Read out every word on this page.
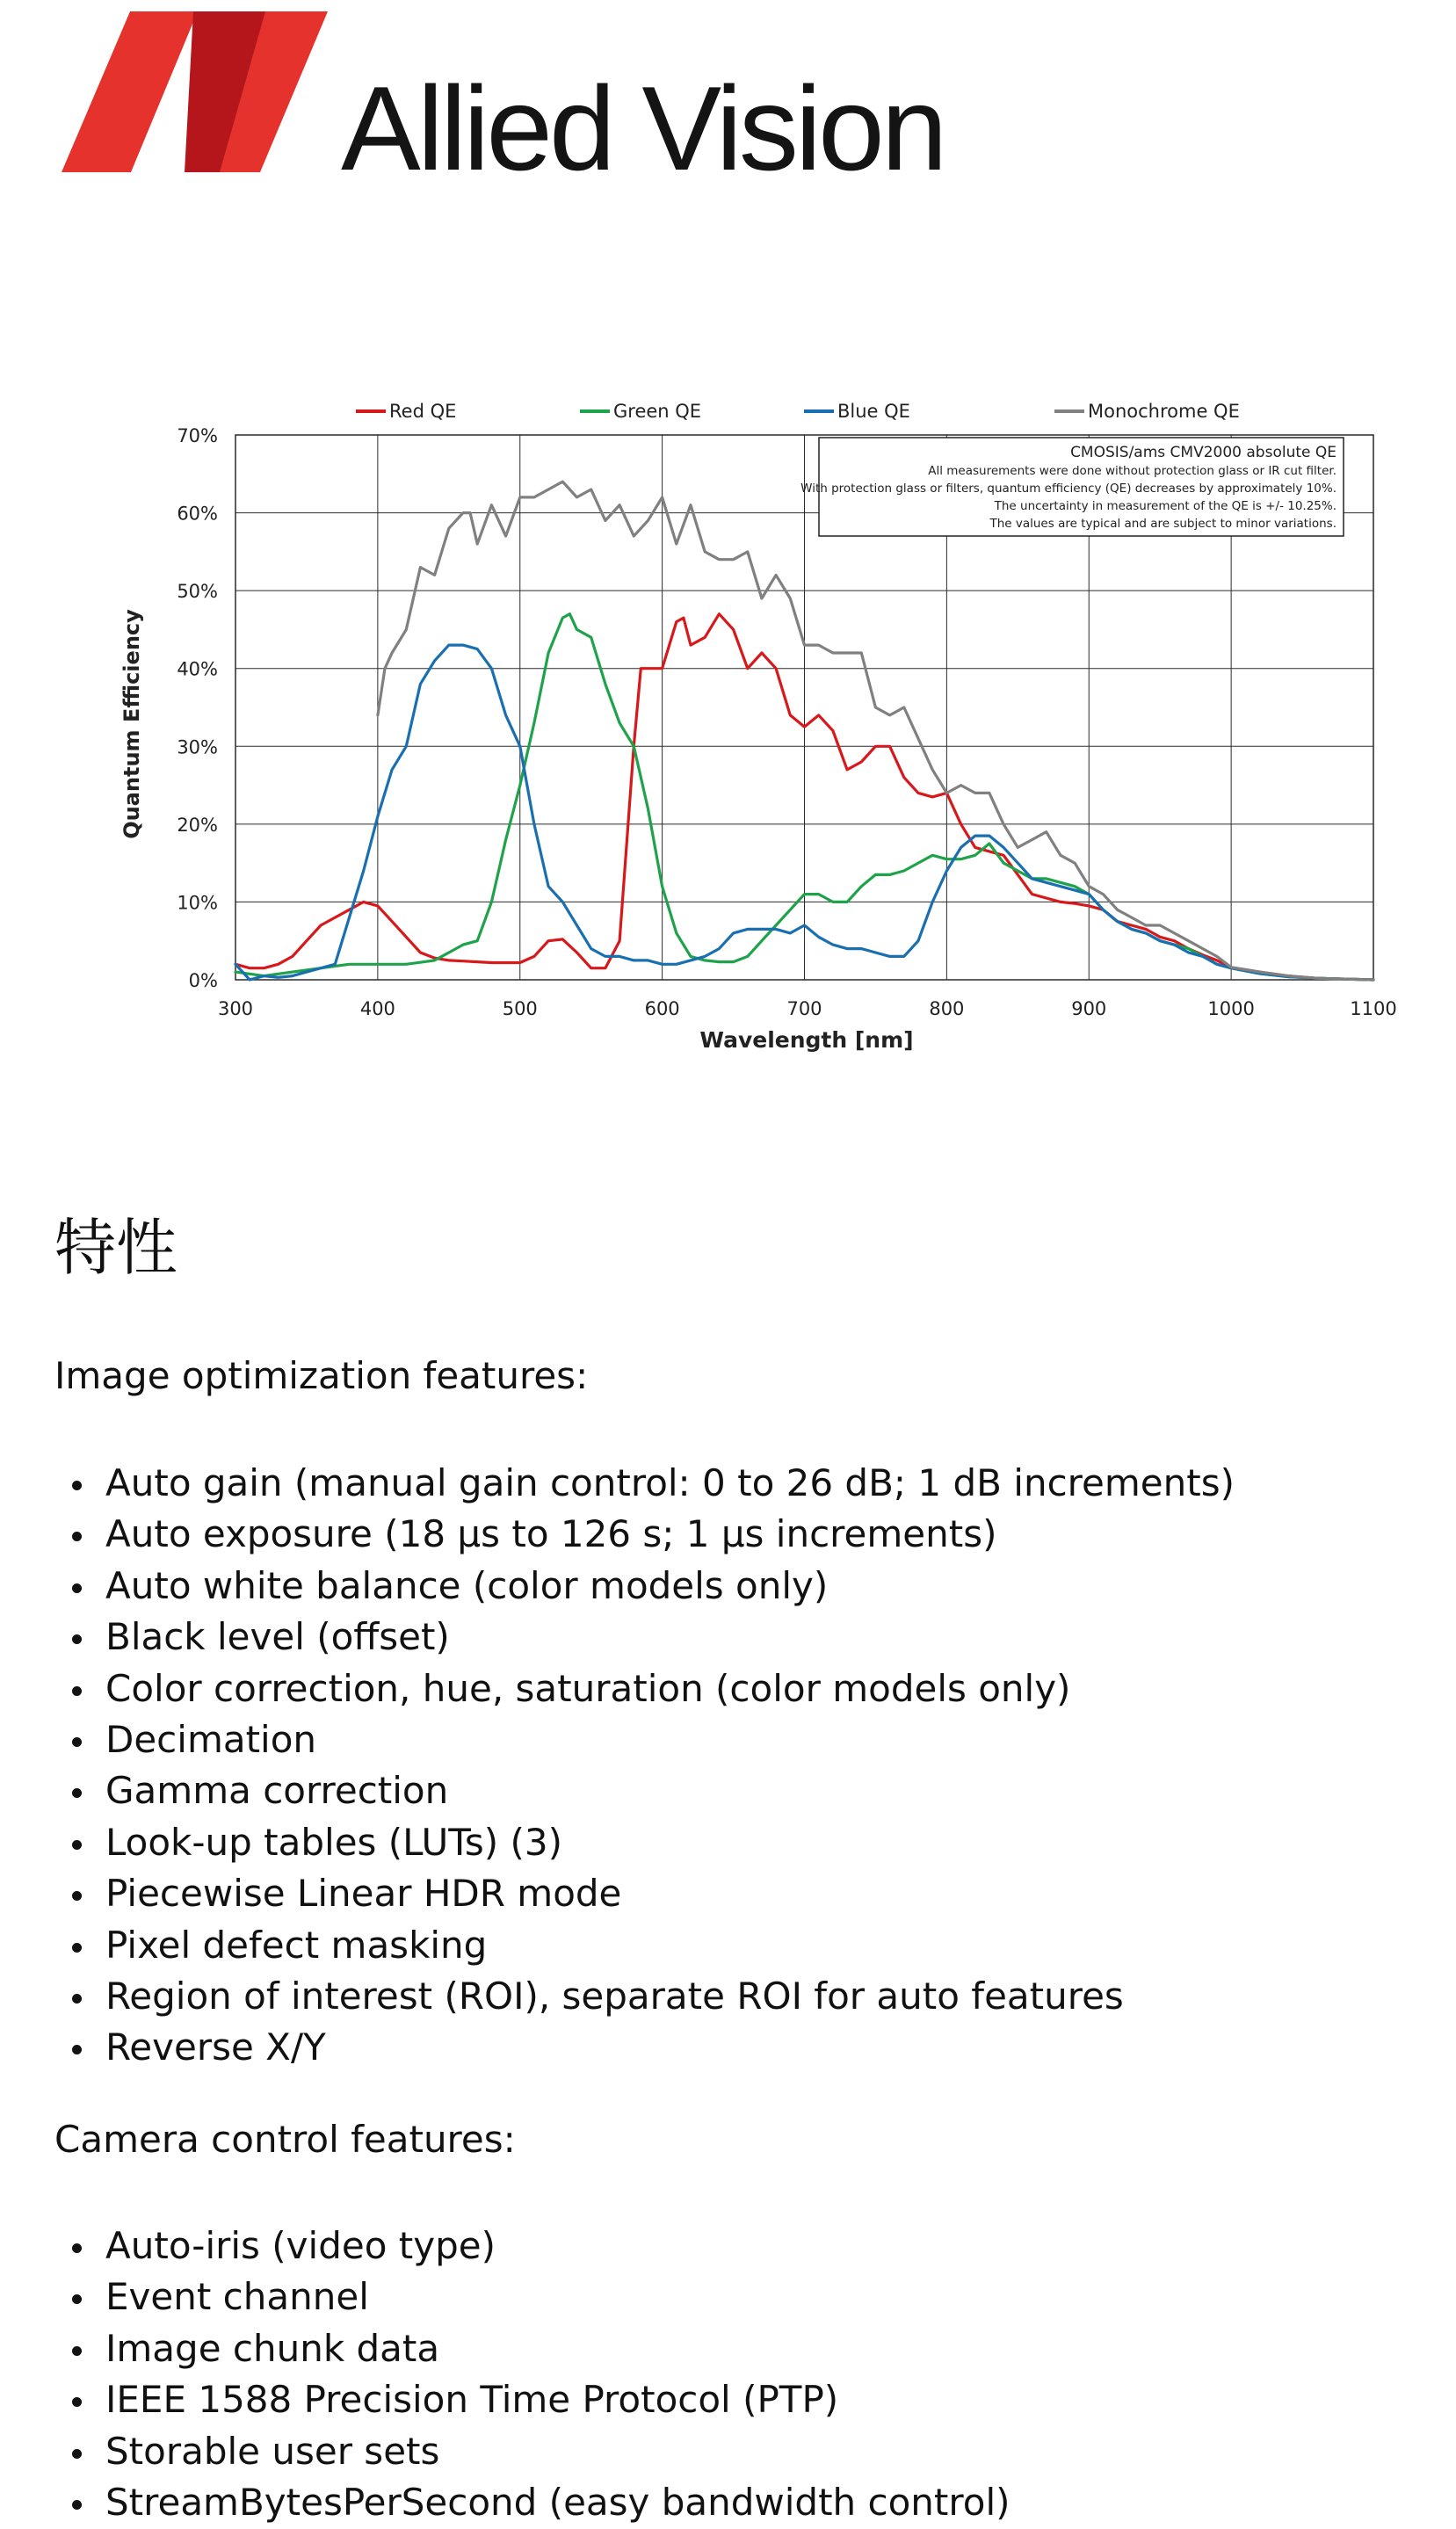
Allied Vision
Red QE	Green QE	Blue QE	Monochrome QE
0%
10%
20%
30%
40%
50%
60%
70%
300	400	500	600	700	800	900	1000	1100
CMOSIS/ams CMV2000 absolute QE
All measurements were done without protection glass or IR cut filter.
With protection glass or filters, quantum efficiency (QE) decreases by approximately 10%.
The uncertainty in measurement of the QE is +/- 10.25%.
The values are typical and are subject to minor variations.
Wavelength [nm]
Quantum Efficiency
特性

Image optimization features:

Auto gain (manual gain control: 0 to 26 dB; 1 dB increments)
Auto exposure (18 μs to 126 s; 1 μs increments)
Auto white balance (color models only)
Black level (offset)
Color correction, hue, saturation (color models only)
Decimation
Gamma correction
Look-up tables (LUTs) (3)
Piecewise Linear HDR mode
Pixel defect masking
Region of interest (ROI), separate ROI for auto features
Reverse X/Y

Camera control features:

Auto-iris (video type)
Event channel
Image chunk data
IEEE 1588 Precision Time Protocol (PTP)
Storable user sets
StreamBytesPerSecond (easy bandwidth control)
